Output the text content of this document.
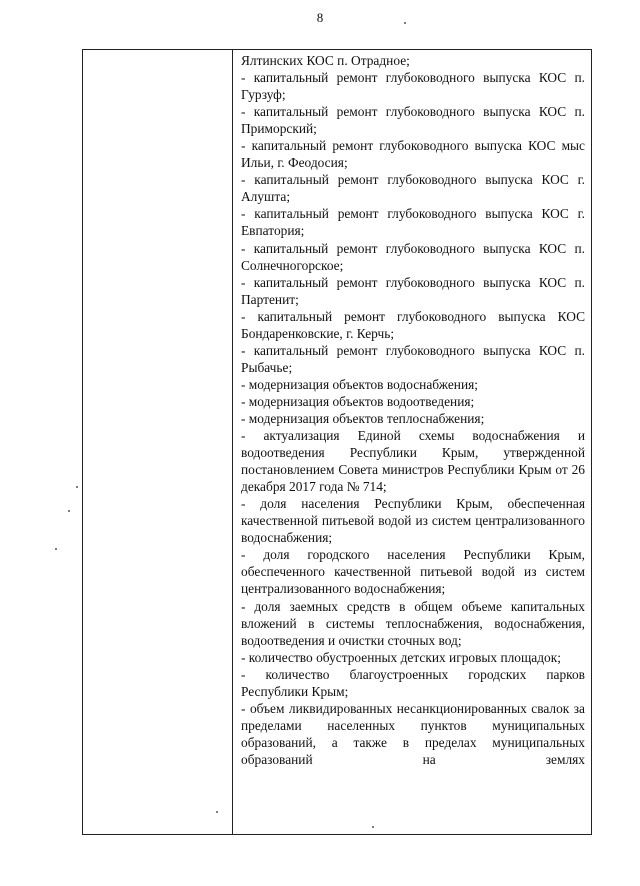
8
Ялтинских КОС п. Отрадное;
- капитальный ремонт глубоководного выпуска КОС п. Гурзуф;
- капитальный ремонт глубоководного выпуска КОС п. Приморский;
- капитальный ремонт глубоководного выпуска КОС мыс Ильи, г. Феодосия;
- капитальный ремонт глубоководного выпуска КОС г. Алушта;
- капитальный ремонт глубоководного выпуска КОС г. Евпатория;
- капитальный ремонт глубоководного выпуска КОС п. Солнечногорское;
- капитальный ремонт глубоководного выпуска КОС п. Партенит;
- капитальный ремонт глубоководного выпуска КОС Бондаренковские, г. Керчь;
- капитальный ремонт глубоководного выпуска КОС п. Рыбачье;
- модернизация объектов водоснабжения;
- модернизация объектов водоотведения;
- модернизация объектов теплоснабжения;
- актуализация Единой схемы водоснабжения и водоотведения Республики Крым, утвержденной постановлением Совета министров Республики Крым от 26 декабря 2017 года № 714;
- доля населения Республики Крым, обеспеченная качественной питьевой водой из систем централизованного водоснабжения;
- доля городского населения Республики Крым, обеспеченного качественной питьевой водой из систем централизованного водоснабжения;
- доля заемных средств в общем объеме капитальных вложений в системы теплоснабжения, водоснабжения, водоотведения и очистки сточных вод;
- количество обустроенных детских игровых площадок;
- количество благоустроенных городских парков Республики Крым;
- объем ликвидированных несанкционированных свалок за пределами населенных пунктов муниципальных образований, а также в пределах муниципальных образований на землях
